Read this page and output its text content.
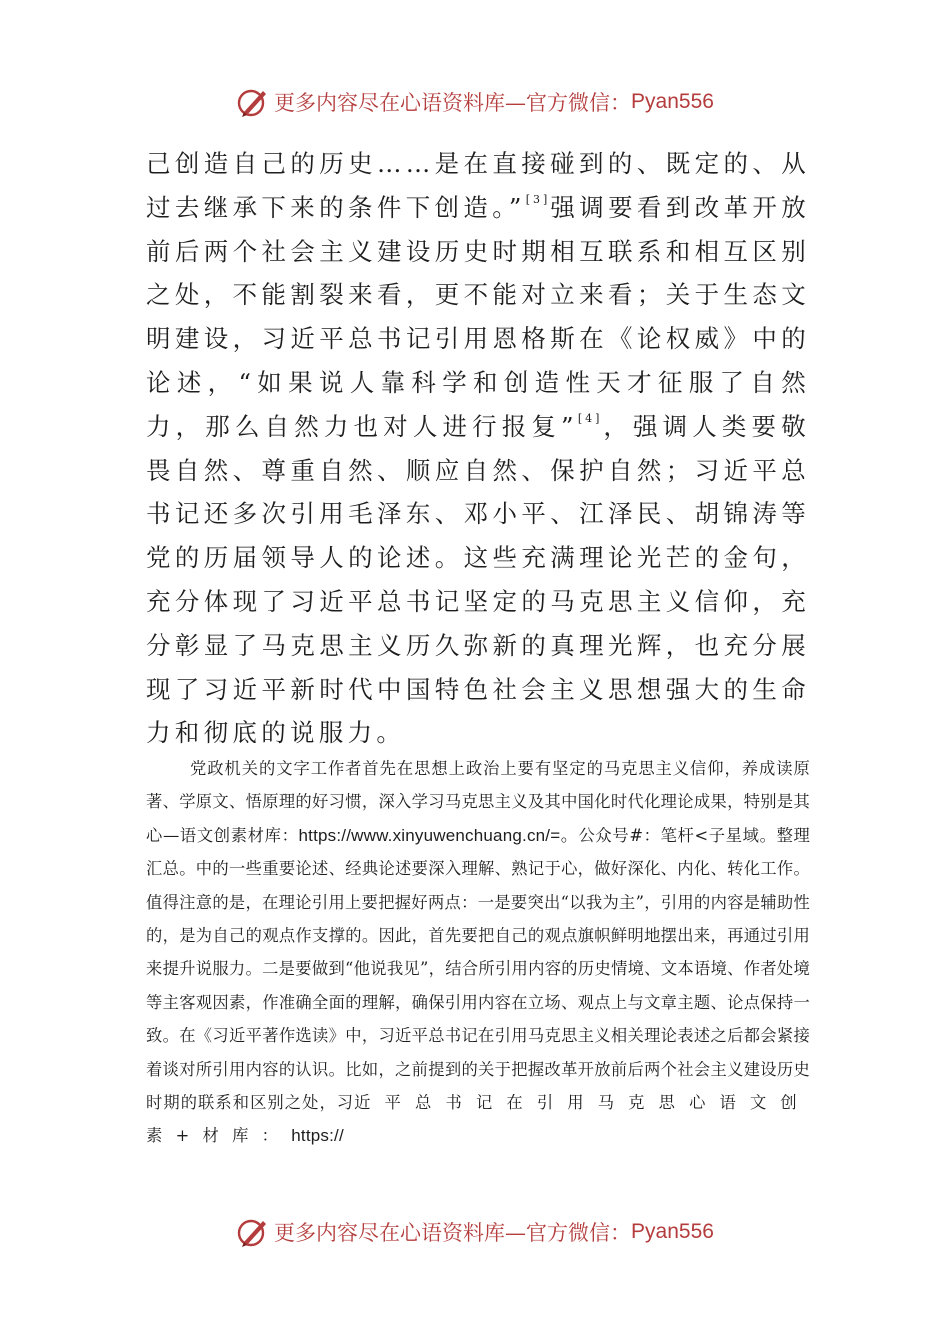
更多内容尽在心语资料库—官方微信： Pyan556

己创造自己的历史……是在直接碰到的、既定的、从过去继承下来的条件下创造。”[3]强调要看到改革开放前后两个社会主义建设历史时期相互联系和相互区别之处，不能割裂来看，更不能对立来看；关于生态文明建设，习近平总书记引用恩格斯在《论权威》中的论述，“如果说人靠科学和创造性天才征服了自然力，那么自然力也对人进行报复”[4]，强调人类要敬畏自然、尊重自然、顺应自然、保护自然；习近平总书记还多次引用毛泽东、邓小平、江泽民、胡锦涛等党的历届领导人的论述。这些充满理论光芒的金句，充分体现了习近平总书记坚定的马克思主义信仰，充分彰显了马克思主义历久弥新的真理光辉，也充分展现了习近平新时代中国特色社会主义思想强大的生命力和彻底的说服力。

党政机关的文字工作者首先在思想上政治上要有坚定的马克思主义信仰，养成读原著、学原文、悟原理的好习惯，深入学习马克思主义及其中国化时代化理论成果，特别是其心—语文创素材库：https://www.xinyuwenchuang.cn/=。公众号#：笔杆<子星域。整理汇总。中的一些重要论述、经典论述要深入理解、熟记于心，做好深化、内化、转化工作。值得注意的是，在理论引用上要把握好两点：一是要突出“以我为主”，引用的内容是辅助性的，是为自己的观点作支撑的。因此，首先要把自己的观点旗帜鲜明地摆出来，再通过引用来提升说服力。二是要做到“他说我见”，结合所引用内容的历史情境、文本语境、作者处境等主客观因素，作准确全面的理解，确保引用内容在立场、观点上与文章主题、论点保持一致。在《习近平著作选读》中，习近平总书记在引用马克思主义相关理论表述之后都会紧接着谈对所引用内容的认识。比如，之前提到的关于把握改革开放前后两个社会主义建设历史时期的联系和区别之处，习近平总书记在引用马克思心语文创素+材库：https://

更多内容尽在心语资料库—官方微信： Pyan556
